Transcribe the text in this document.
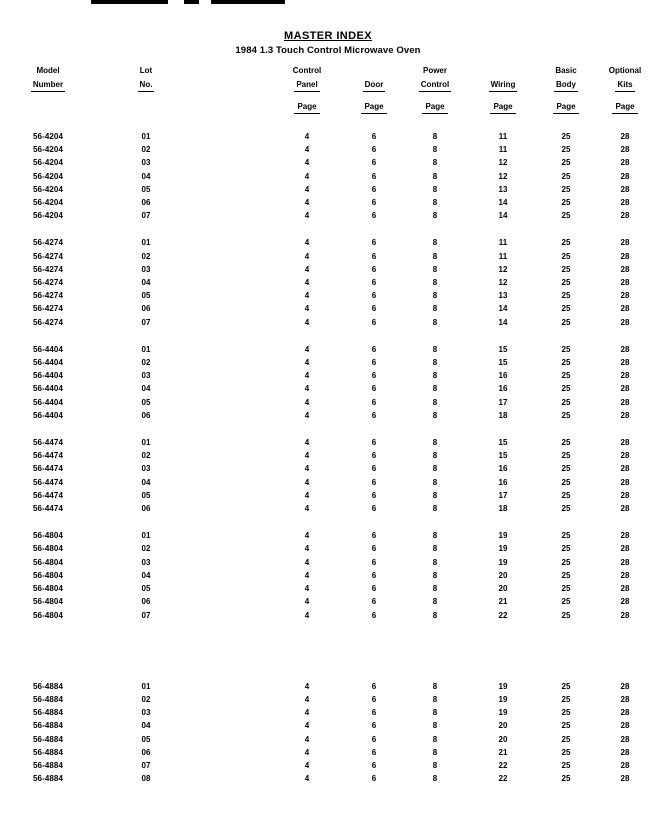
MASTER INDEX
1984 1.3 Touch Control Microwave Oven
Model	Lot		Control		Power		Basic	Optional
Number	No.		Panel	Door	Control	Wiring	Body	Kits
			Page	Page	Page	Page	Page	Page
56-4204	01		4	6	8	11	25	28
56-4204	02		4	6	8	11	25	28
56-4204	03		4	6	8	12	25	28
56-4204	04		4	6	8	12	25	28
56-4204	05		4	6	8	13	25	28
56-4204	06		4	6	8	14	25	28
56-4204	07		4	6	8	14	25	28

56-4274	01		4	6	8	11	25	28
56-4274	02		4	6	8	11	25	28
56-4274	03		4	6	8	12	25	28
56-4274	04		4	6	8	12	25	28
56-4274	05		4	6	8	13	25	28
56-4274	06		4	6	8	14	25	28
56-4274	07		4	6	8	14	25	28

56-4404	01		4	6	8	15	25	28
56-4404	02		4	6	8	15	25	28
56-4404	03		4	6	8	16	25	28
56-4404	04		4	6	8	16	25	28
56-4404	05		4	6	8	17	25	28
56-4404	06		4	6	8	18	25	28

56-4474	01		4	6	8	15	25	28
56-4474	02		4	6	8	15	25	28
56-4474	03		4	6	8	16	25	28
56-4474	04		4	6	8	16	25	28
56-4474	05		4	6	8	17	25	28
56-4474	06		4	6	8	18	25	28

56-4804	01		4	6	8	19	25	28
56-4804	02		4	6	8	19	25	28
56-4804	03		4	6	8	19	25	28
56-4804	04		4	6	8	20	25	28
56-4804	05		4	6	8	20	25	28
56-4804	06		4	6	8	21	25	28
56-4804	07		4	6	8	22	25	28

56-4884	01		4	6	8	19	25	28
56-4884	02		4	6	8	19	25	28
56-4884	03		4	6	8	19	25	28
56-4884	04		4	6	8	20	25	28
56-4884	05		4	6	8	20	25	28
56-4884	06		4	6	8	21	25	28
56-4884	07		4	6	8	22	25	28
56-4884	08		4	6	8	22	25	28
